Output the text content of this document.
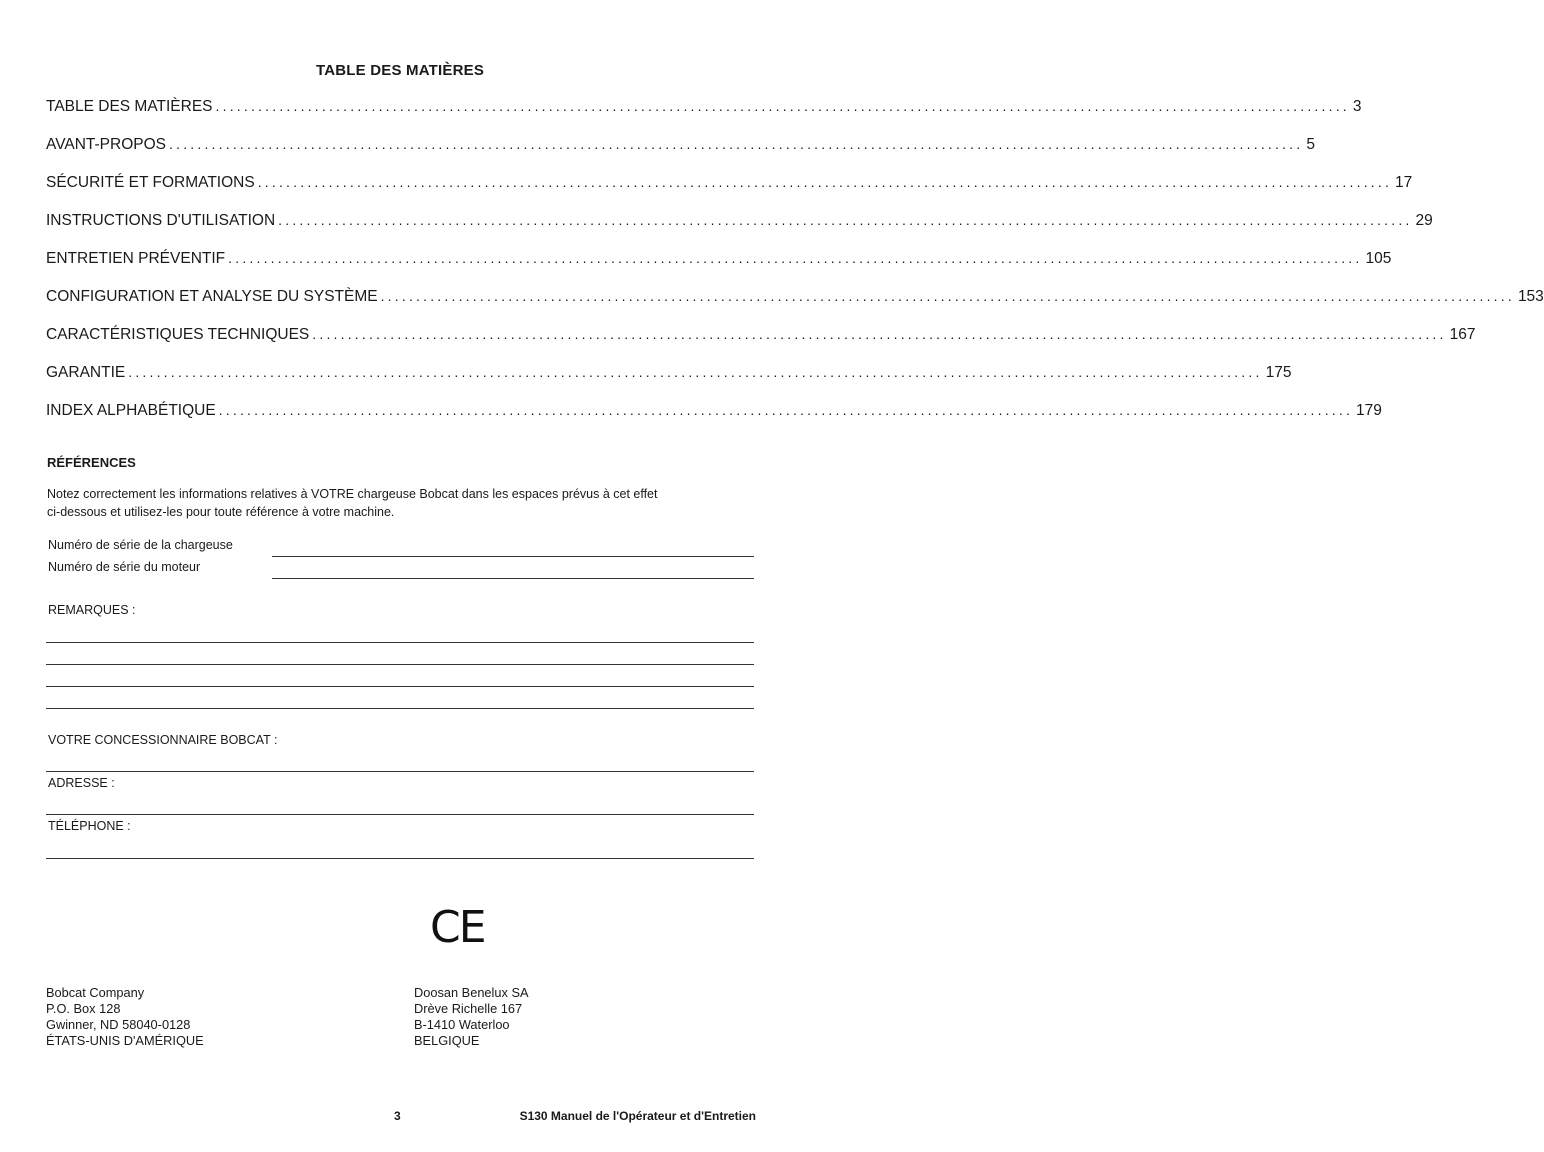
TABLE DES MATIÈRES
TABLE DES MATIÈRES ................................................................................................................................................................ 3
AVANT-PROPOS ................................................................................................................................................................ 5
SÉCURITÉ ET FORMATIONS ................................................................................................................................................................ 17
INSTRUCTIONS D'UTILISATION ................................................................................................................................................................ 29
ENTRETIEN PRÉVENTIF ................................................................................................................................................................ 105
CONFIGURATION ET ANALYSE DU SYSTÈME ................................................................................................................................................................ 153
CARACTÉRISTIQUES TECHNIQUES ................................................................................................................................................................ 167
GARANTIE ................................................................................................................................................................ 175
INDEX ALPHABÉTIQUE ................................................................................................................................................................ 179
RÉFÉRENCES
Notez correctement les informations relatives à VOTRE chargeuse Bobcat dans les espaces prévus à cet effet
ci-dessous et utilisez-les pour toute référence à votre machine.
Numéro de série de la chargeuse
Numéro de série du moteur
REMARQUES :
VOTRE CONCESSIONNAIRE BOBCAT :
ADRESSE :
TÉLÉPHONE :
CE
Bobcat Company
P.O. Box 128
Gwinner, ND 58040-0128
ÉTATS-UNIS D'AMÉRIQUE
Doosan Benelux SA
Drève Richelle 167
B-1410 Waterloo
BELGIQUE
3	S130 Manuel de l'Opérateur et d'Entretien
